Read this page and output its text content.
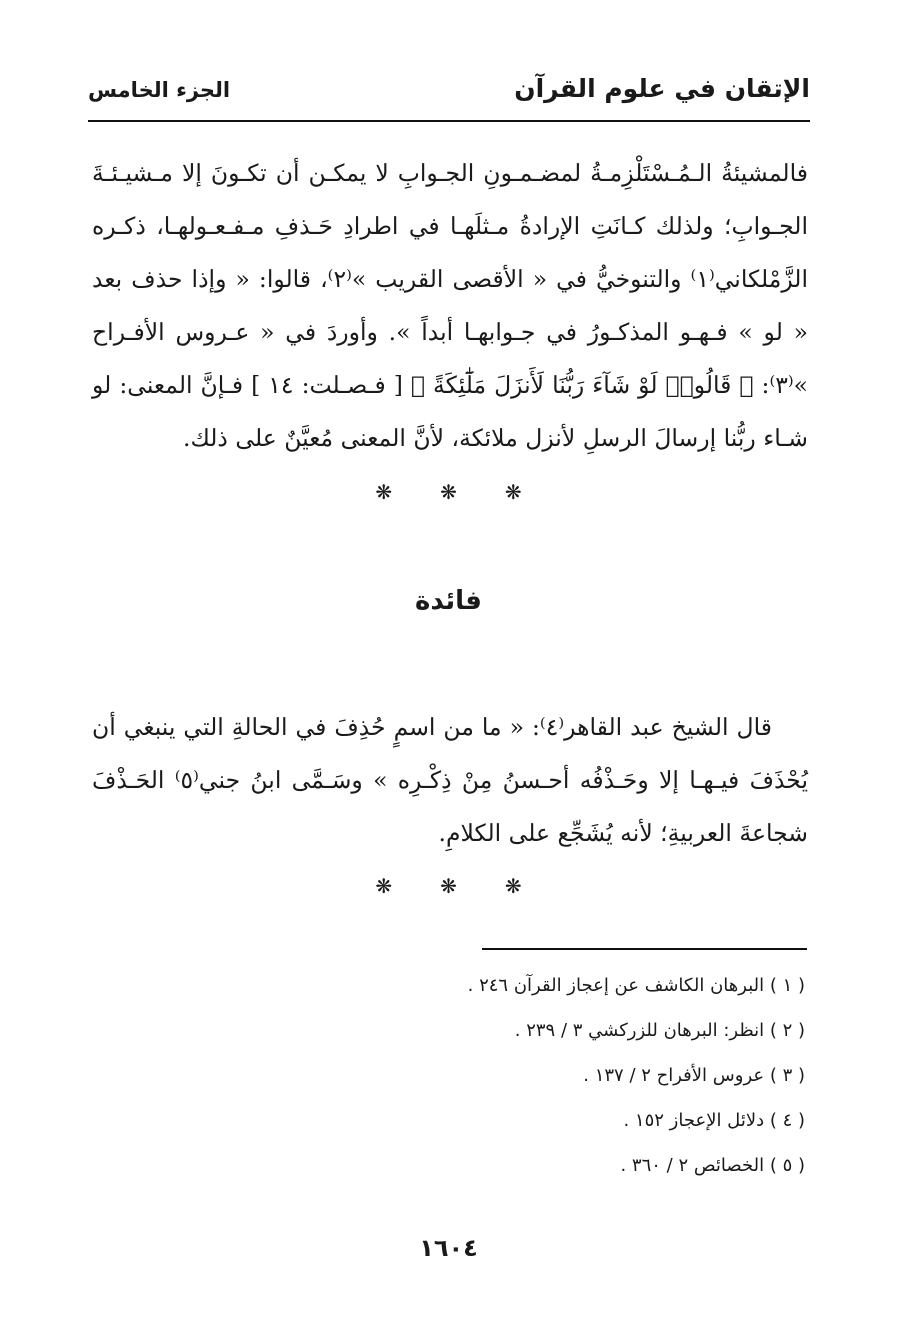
الإتقان في علوم القرآن
الجزء الخامس

فالمشيئةُ الـمُـسْتَلْزِمـةُ لمضـمـونِ الجـوابِ لا يمكـن أن تكـونَ إلا مـشيـئـةَ الجـوابِ؛ ولذلك كـانَتِ الإرادةُ مـثلَهـا في اطرادِ حَـذفِ مـفـعـولهـا، ذكـره الزَّمْلكاني⁽١⁾ والتنوخيُّ في « الأقصى القريب »⁽٢⁾، قالوا: « وإذا حذف بعد « لو » فـهـو المذكـورُ في جـوابهـا أبداً ». وأوردَ في « عـروس الأفـراح »⁽٣⁾: ﴿ قَالُوا۟ لَوْ شَآءَ رَبُّنَا لَأَنزَلَ مَلَٰٓئِكَةً ﴾ [ فـصـلت: ١٤ ] فـإنَّ المعنى: لو شـاء ربُّنا إرسالَ الرسلِ لأنزل ملائكة، لأنَّ المعنى مُعيَّنٌ على ذلك.

❋ ❋ ❋
فائدة

قال الشيخ عبد القاهر⁽٤⁾: « ما من اسمٍ حُذِفَ في الحالةِ التي ينبغي أن يُحْذَفَ فيـهـا إلا وحَـذْفُه أحـسنُ مِنْ ذِكْـرِه » وسَـمَّى ابنُ جني⁽٥⁾ الحَـذْفَ شجاعةَ العربيةِ؛ لأنه يُشَجِّع على الكلامِ.

❋ ❋ ❋
( ١ ) البرهان الكاشف عن إعجاز القرآن ٢٤٦ .
( ٢ ) انظر: البرهان للزركشي ٣ / ٢٣٩ .
( ٣ ) عروس الأفراح ٢ / ١٣٧ .
( ٤ ) دلائل الإعجاز ١٥٢ .
( ٥ ) الخصائص ٢ / ٣٦٠ .
١٦٠٤
